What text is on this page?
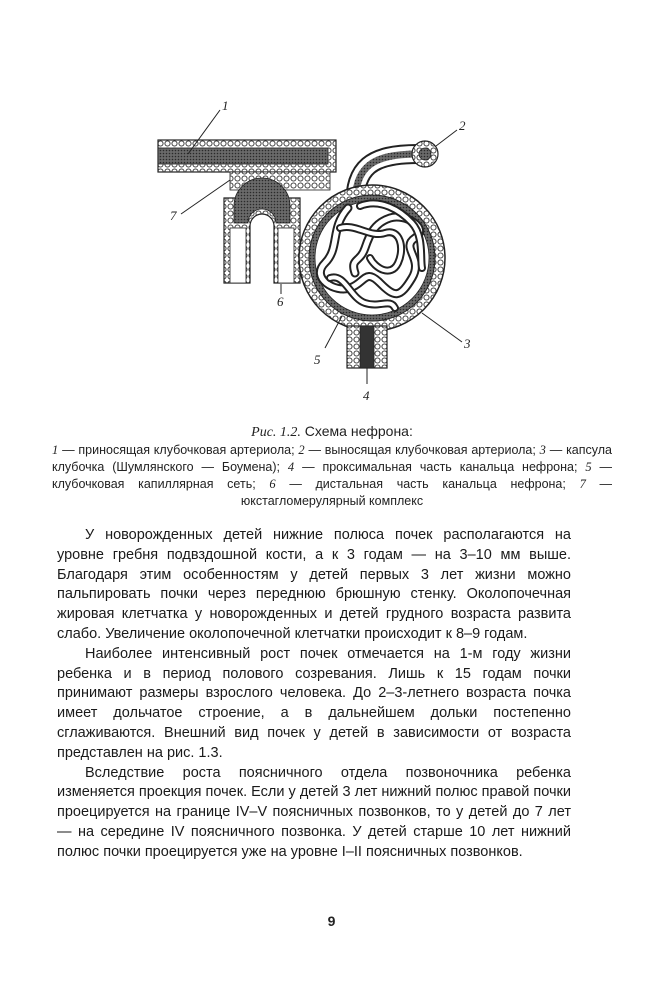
1
2
3
4
5
6
7
Рис. 1.2. Схема нефрона:
1 — приносящая клубочковая артериола; 2 — выносящая клубочковая артериола; 3 — капсула клубочка (Шумлянского — Боумена); 4 — проксимальная часть канальца нефрона; 5 — клубочковая капиллярная сеть; 6 — дистальная часть канальца нефрона; 7 — юкстагломерулярный комплекс

У новорожденных детей нижние полюса почек располагаются на уровне гребня подвздошной кости, а к 3 годам — на 3–10 мм выше. Благодаря этим особенностям у детей первых 3 лет жизни можно пальпировать почки через переднюю брюшную стенку. Околопочечная жировая клетчатка у новорожденных и детей грудного возраста развита слабо. Увеличение околопочечной клетчатки происходит к 8–9 годам.

Наиболее интенсивный рост почек отмечается на 1-м году жизни ребенка и в период полового созревания. Лишь к 15 годам почки принимают размеры взрослого человека. До 2–3-летнего возраста почка имеет дольчатое строение, а в дальнейшем дольки постепенно сглаживаются. Внешний вид почек у детей в зависимости от возраста представлен на рис. 1.3.

Вследствие роста поясничного отдела позвоночника ребенка изменяется проекция почек. Если у детей 3 лет нижний полюс правой почки проецируется на границе IV–V поясничных позвонков, то у детей до 7 лет — на середине IV поясничного позвонка. У детей старше 10 лет нижний полюс почки проецируется уже на уровне I–II поясничных позвонков.

9
